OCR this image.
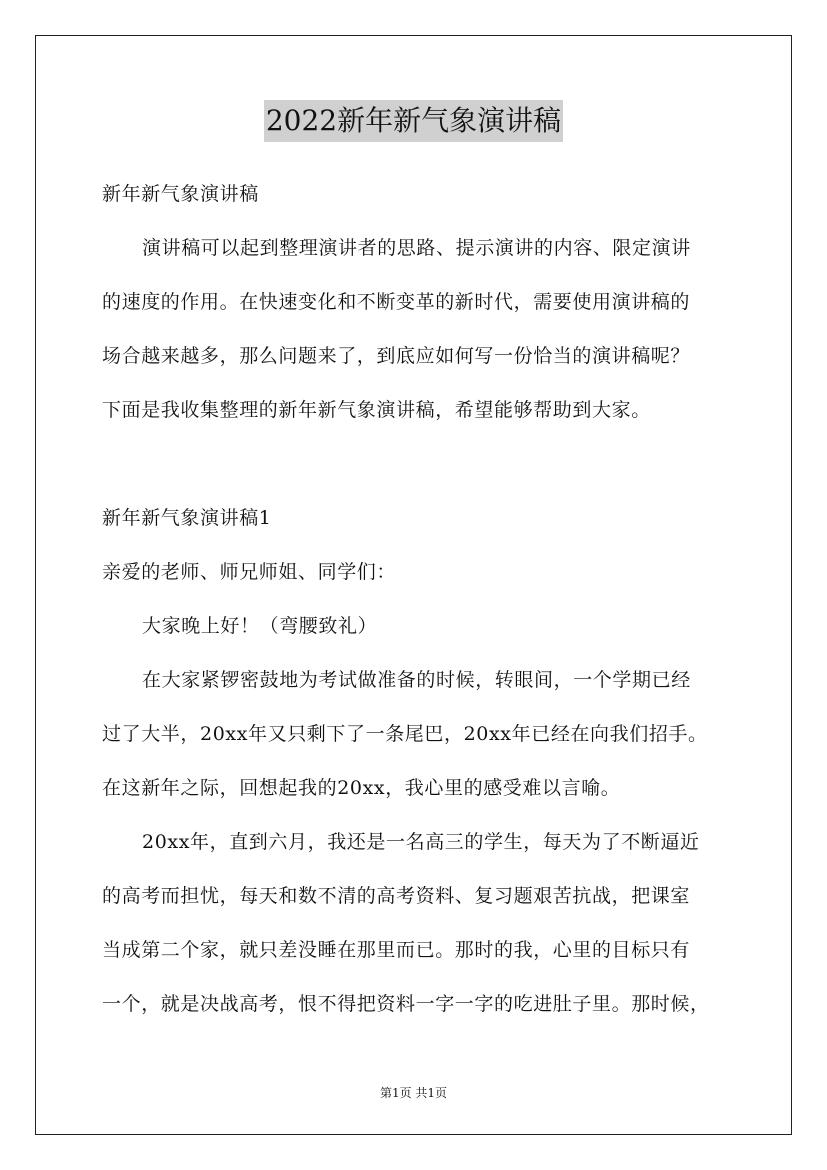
2022新年新气象演讲稿
新年新气象演讲稿
演讲稿可以起到整理演讲者的思路、提示演讲的内容、限定演讲
的速度的作用。在快速变化和不断变革的新时代，需要使用演讲稿的
场合越来越多，那么问题来了，到底应如何写一份恰当的演讲稿呢？
下面是我收集整理的新年新气象演讲稿，希望能够帮助到大家。
新年新气象演讲稿1
亲爱的老师、师兄师姐、同学们：
大家晚上好！（弯腰致礼）
在大家紧锣密鼓地为考试做准备的时候，转眼间，一个学期已经
过了大半，20xx年又只剩下了一条尾巴，20xx年已经在向我们招手。
在这新年之际，回想起我的20xx，我心里的感受难以言喻。
20xx年，直到六月，我还是一名高三的学生，每天为了不断逼近
的高考而担忧，每天和数不清的高考资料、复习题艰苦抗战，把课室
当成第二个家，就只差没睡在那里而已。那时的我，心里的目标只有
一个，就是决战高考，恨不得把资料一字一字的吃进肚子里。那时候，
第1页 共1页
